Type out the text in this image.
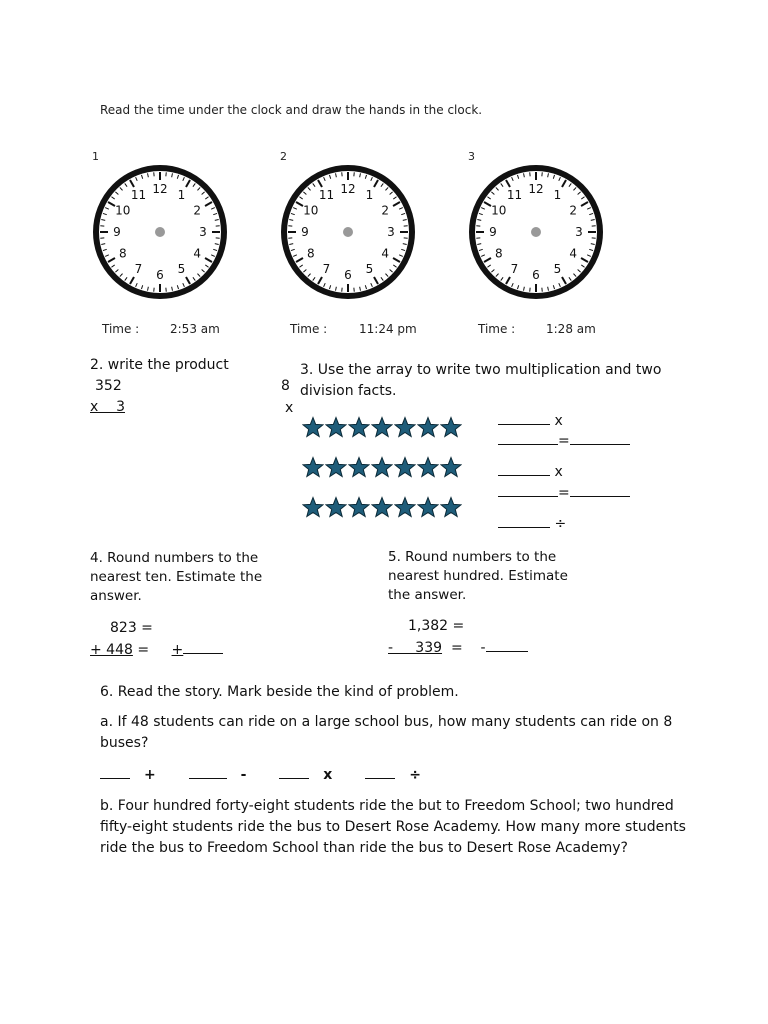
Read the time under the clock and draw the hands in the clock.
1	2	3
12 1
2
3
4
5
6
7
8
9
10
11	12 1
2
3
4
5
6
7
8
9
10
11	12 1
2
3
4
5
6
7
8
9
10
11
Time :	2:53 am	Time :	11:24 pm	Time :	1:28 am
2. write the product
352
x    3
8
x
3. Use the array to write two multiplication and two division facts.
x
=
x
=
÷
4. Round numbers to the nearest ten. Estimate the answer.
823 =
+ 448 = +
5. Round numbers to the nearest hundred. Estimate the answer.
1,382 =
-     339 = -
6. Read the story. Mark beside the kind of problem.
a. If 48 students can ride on a large school bus, how many students can ride on 8 buses?
+	-	x	÷
b. Four hundred forty-eight students ride the but to Freedom School; two hundred fifty-eight students ride the bus to Desert Rose Academy. How many more students ride the bus to Freedom School than ride the bus to Desert Rose Academy?
